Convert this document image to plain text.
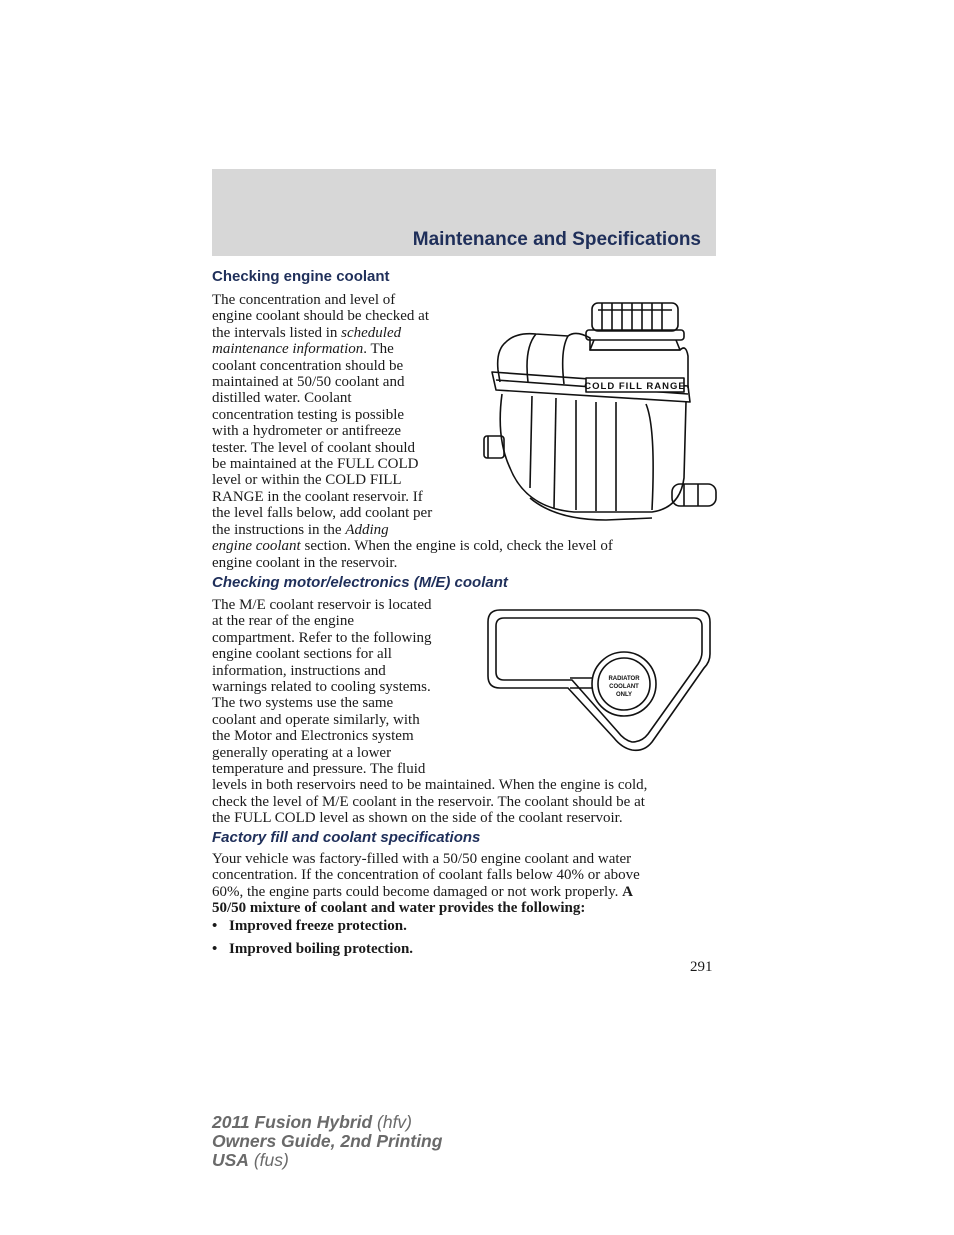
Maintenance and Specifications
Checking engine coolant
The concentration and level of
engine coolant should be checked at
the intervals listed in scheduled
maintenance information. The
coolant concentration should be
maintained at 50/50 coolant and
distilled water. Coolant
concentration testing is possible
with a hydrometer or antifreeze
tester. The level of coolant should
be maintained at the FULL COLD
level or within the COLD FILL
RANGE in the coolant reservoir. If
the level falls below, add coolant per
the instructions in the Adding
engine coolant section. When the engine is cold, check the level of
engine coolant in the reservoir.
Checking motor/electronics (M/E) coolant
The M/E coolant reservoir is located
at the rear of the engine
compartment. Refer to the following
engine coolant sections for all
information, instructions and
warnings related to cooling systems.
The two systems use the same
coolant and operate similarly, with
the Motor and Electronics system
generally operating at a lower
temperature and pressure. The fluid
levels in both reservoirs need to be maintained. When the engine is cold,
check the level of M/E coolant in the reservoir. The coolant should be at
the FULL COLD level as shown on the side of the coolant reservoir.
Factory fill and coolant specifications
Your vehicle was factory-filled with a 50/50 engine coolant and water
concentration. If the concentration of coolant falls below 40% or above
60%, the engine parts could become damaged or not work properly. A
50/50 mixture of coolant and water provides the following:
• Improved freeze protection.
• Improved boiling protection.
COLD FILL RANGE
RADIATOR
COOLANT
ONLY
291
2011 Fusion Hybrid (hfv)
Owners Guide, 2nd Printing
USA (fus)
